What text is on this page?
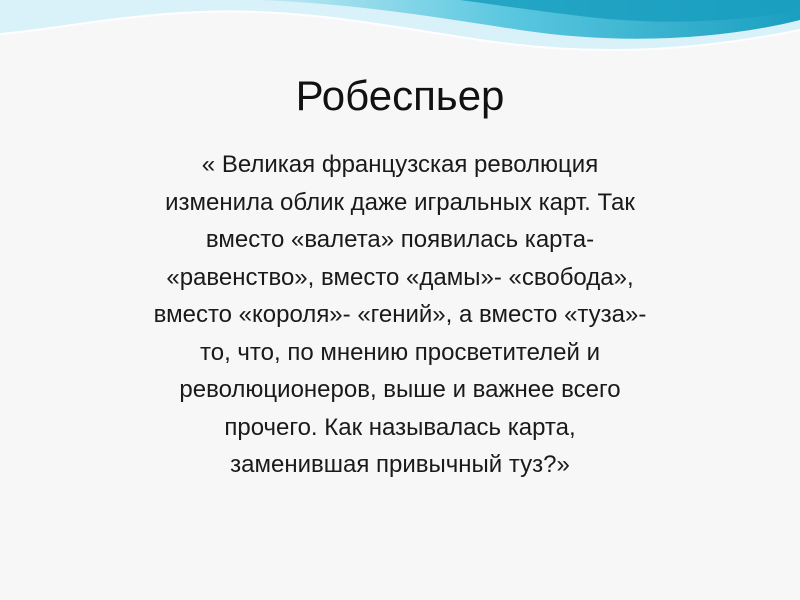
Робеспьер
« Великая французская революция
изменила облик даже игральных карт. Так
вместо «валета» появилась карта-
«равенство», вместо «дамы»- «свобода»,
вместо «короля»- «гений», а вместо «туза»-
то, что, по мнению просветителей и
революционеров, выше и важнее всего
прочего. Как называлась карта,
заменившая привычный туз?»
